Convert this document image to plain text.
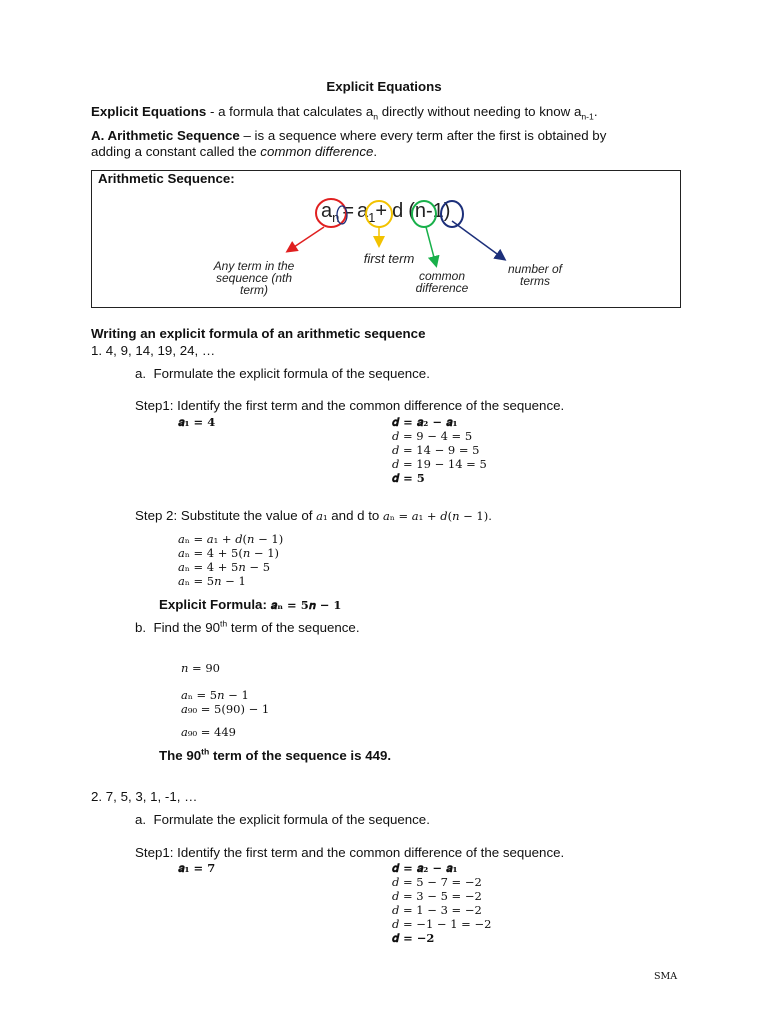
Explicit Equations
Explicit Equations - a formula that calculates $a_n$ directly without needing to know $a_{n-1}$.
A. Arithmetic Sequence – is a sequence where every term after the first is obtained by
adding a constant called the common difference.
Arithmetic Sequence:
$a_n = a_1+ d$ (n-1)
Any term in the
sequence (nth
term)
first term
common
difference
number of
terms
Writing an explicit formula of an arithmetic sequence
1. 4, 9, 14, 19, 24, …
a.  Formulate the explicit formula of the sequence.
Step1: Identify the first term and the common difference of the sequence.
𝒂₁ = 𝟒	𝒅 = 𝒂₂ − 𝒂₁
𝑑 = 9 − 4 = 5
𝑑 = 14 − 9 = 5
𝑑 = 19 − 14 = 5
𝒅 = 𝟓
Step 2: Substitute the value of 𝑎₁ and d to 𝑎ₙ = 𝑎₁ + 𝑑(𝑛 − 1).
𝑎ₙ = 𝑎₁ + 𝑑(𝑛 − 1)
𝑎ₙ = 4 + 5(𝑛 − 1)
𝑎ₙ = 4 + 5𝑛 − 5
𝑎ₙ = 5𝑛 − 1
Explicit Formula: 𝒂ₙ = 𝟓𝒏 − 𝟏
b.  Find the 90th term of the sequence.
𝑛 = 90
𝑎ₙ = 5𝑛 − 1
𝑎₉₀ = 5(90) − 1
𝑎₉₀ = 449
The 90th term of the sequence is 449.
2. 7, 5, 3, 1, -1, …
a.  Formulate the explicit formula of the sequence.
Step1: Identify the first term and the common difference of the sequence.
𝒂₁ = 𝟕	𝒅 = 𝒂₂ − 𝒂₁
𝑑 = 5 − 7 = −2
𝑑 = 3 − 5 = −2
𝑑 = 1 − 3 = −2
𝑑 = −1 − 1 = −2
𝒅 = −𝟐
SMA
